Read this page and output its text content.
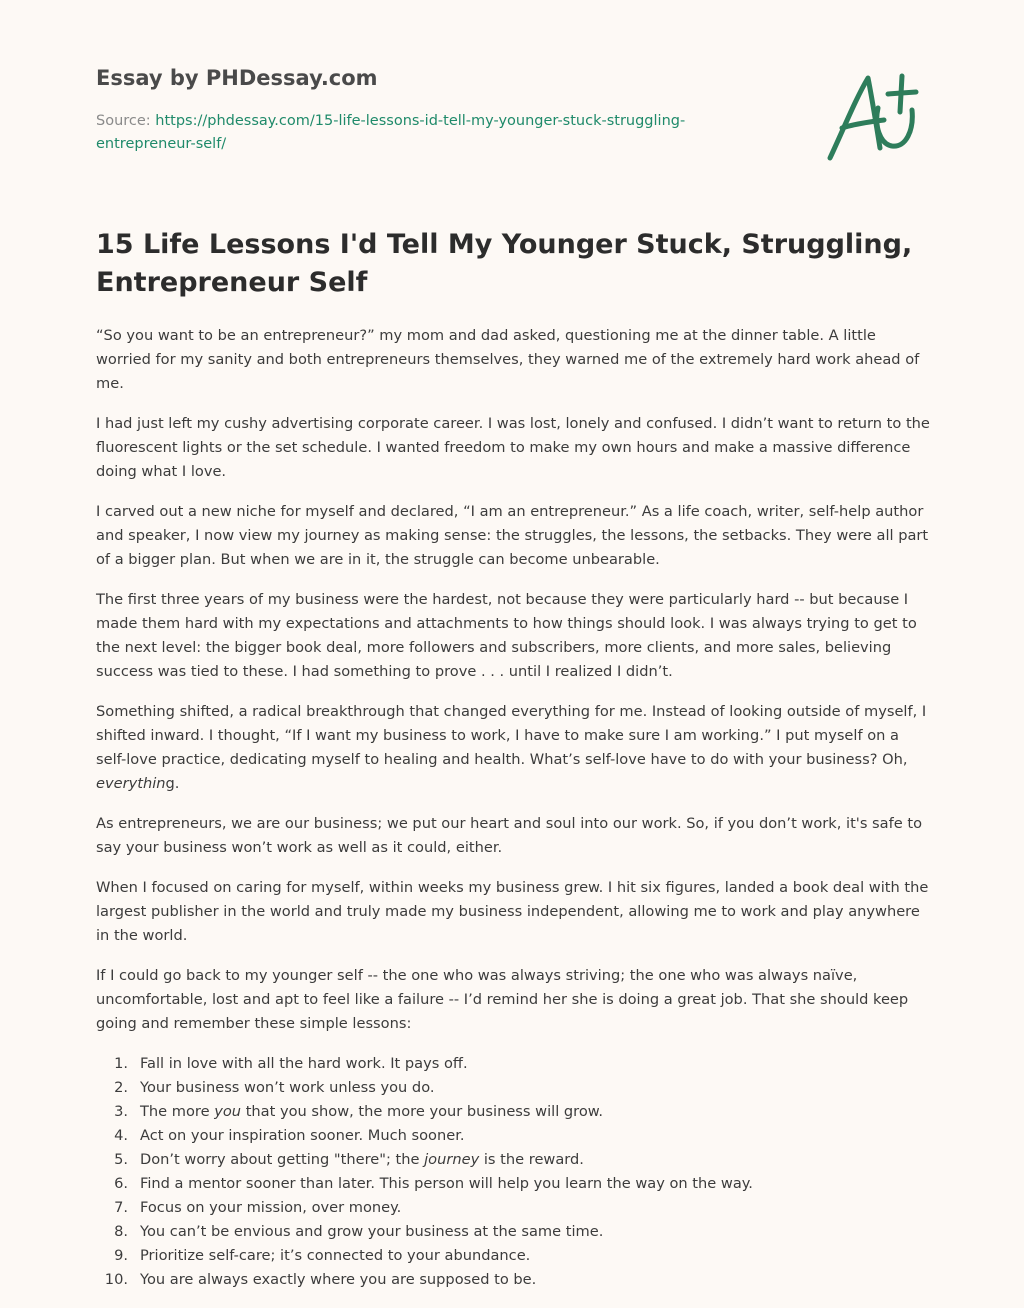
Essay by PHDessay.com
Source: https://phdessay.com/15-life-lessons-id-tell-my-younger-stuck-struggling-entrepreneur-self/
15 Life Lessons I'd Tell My Younger Stuck, Struggling, Entrepreneur Self

“So you want to be an entrepreneur?” my mom and dad asked, questioning me at the dinner table. A little worried for my sanity and both entrepreneurs themselves, they warned me of the extremely hard work ahead of me.

I had just left my cushy advertising corporate career. I was lost, lonely and confused. I didn’t want to return to the fluorescent lights or the set schedule. I wanted freedom to make my own hours and make a massive difference doing what I love.

I carved out a new niche for myself and declared, “I am an entrepreneur.” As a life coach, writer, self-help author and speaker, I now view my journey as making sense: the struggles, the lessons, the setbacks. They were all part of a bigger plan. But when we are in it, the struggle can become unbearable.

The first three years of my business were the hardest, not because they were particularly hard -- but because I made them hard with my expectations and attachments to how things should look. I was always trying to get to the next level: the bigger book deal, more followers and subscribers, more clients, and more sales, believing success was tied to these. I had something to prove . . . until I realized I didn’t.

Something shifted, a radical breakthrough that changed everything for me. Instead of looking outside of myself, I shifted inward. I thought, “If I want my business to work, I have to make sure I am working.” I put myself on a self-love practice, dedicating myself to healing and health. What’s self-love have to do with your business? Oh, everything.

As entrepreneurs, we are our business; we put our heart and soul into our work. So, if you don’t work, it's safe to say your business won’t work as well as it could, either.

When I focused on caring for myself, within weeks my business grew. I hit six figures, landed a book deal with the largest publisher in the world and truly made my business independent, allowing me to work and play anywhere in the world.

If I could go back to my younger self -- the one who was always striving; the one who was always naïve, uncomfortable, lost and apt to feel like a failure -- I’d remind her she is doing a great job. That she should keep going and remember these simple lessons:

1. Fall in love with all the hard work. It pays off.
2. Your business won’t work unless you do.
3. The more you that you show, the more your business will grow.
4. Act on your inspiration sooner. Much sooner.
5. Don’t worry about getting "there"; the journey is the reward.
6. Find a mentor sooner than later. This person will help you learn the way on the way.
7. Focus on your mission, over money.
8. You can’t be envious and grow your business at the same time.
9. Prioritize self-care; it’s connected to your abundance.
10. You are always exactly where you are supposed to be.
